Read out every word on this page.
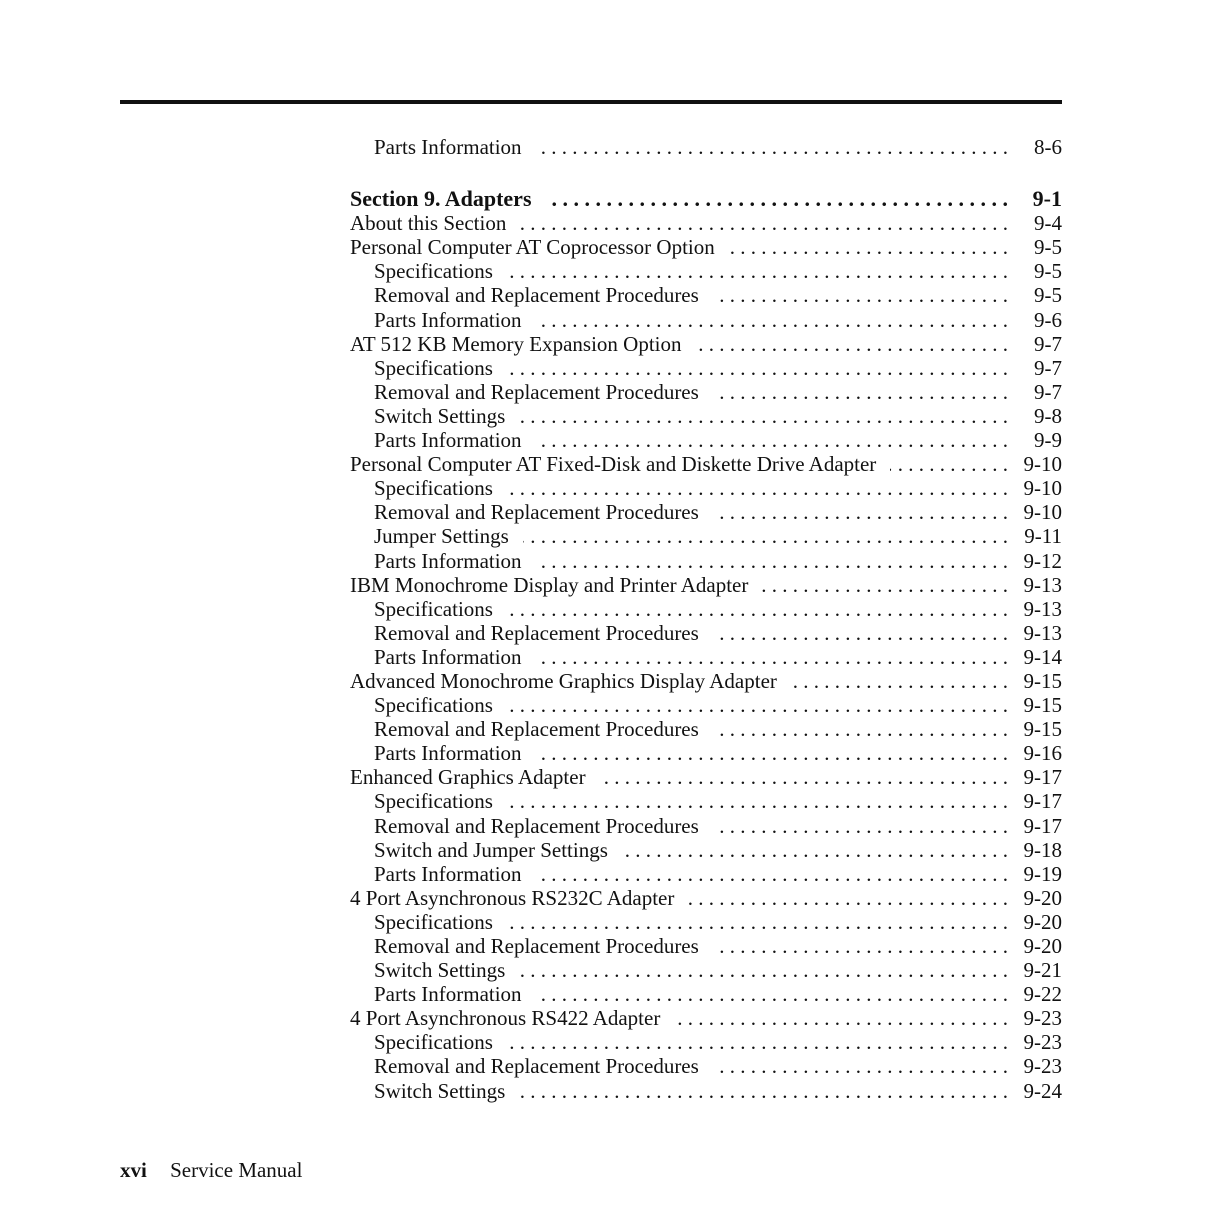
Parts Information . . .	8-6
Section 9. Adapters . . .	9-1
About this Section . . .	9-4
Personal Computer AT Coprocessor Option . . .	9-5
Specifications . . .	9-5
Removal and Replacement Procedures . . .	9-5
Parts Information . . .	9-6
AT 512 KB Memory Expansion Option . . .	9-7
Specifications . . .	9-7
Removal and Replacement Procedures . . .	9-7
Switch Settings . . .	9-8
Parts Information . . .	9-9
Personal Computer AT Fixed-Disk and Diskette Drive Adapter . . .	9-10
Specifications . . .	9-10
Removal and Replacement Procedures . . .	9-10
Jumper Settings . . .	9-11
Parts Information . . .	9-12
IBM Monochrome Display and Printer Adapter . . .	9-13
Specifications . . .	9-13
Removal and Replacement Procedures . . .	9-13
Parts Information . . .	9-14
Advanced Monochrome Graphics Display Adapter . . .	9-15
Specifications . . .	9-15
Removal and Replacement Procedures . . .	9-15
Parts Information . . .	9-16
Enhanced Graphics Adapter . . .	9-17
Specifications . . .	9-17
Removal and Replacement Procedures . . .	9-17
Switch and Jumper Settings . . .	9-18
Parts Information . . .	9-19
4 Port Asynchronous RS232C Adapter . . .	9-20
Specifications . . .	9-20
Removal and Replacement Procedures . . .	9-20
Switch Settings . . .	9-21
Parts Information . . .	9-22
4 Port Asynchronous RS422 Adapter . . .	9-23
Specifications . . .	9-23
Removal and Replacement Procedures . . .	9-23
Switch Settings . . .	9-24
xvi Service Manual
